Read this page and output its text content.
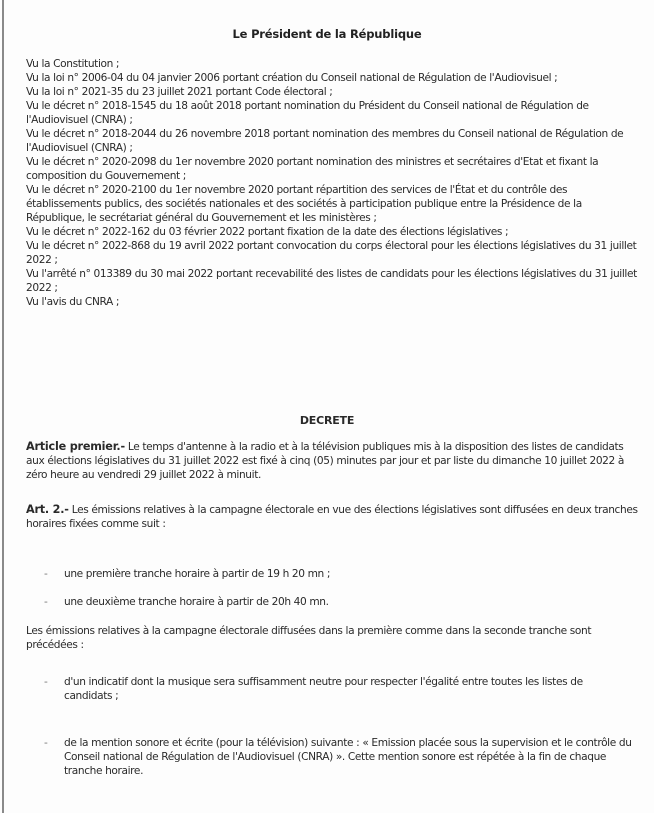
Le Président de la République

Vu la Constitution ;

Vu la loi n° 2006-04 du 04 janvier 2006 portant création du Conseil national de Régulation de l'Audiovisuel ;

Vu la loi n° 2021-35 du 23 juillet 2021 portant Code électoral ;

Vu le décret n° 2018-1545 du 18 août 2018 portant nomination du Président du Conseil national de Régulation de l'Audiovisuel (CNRA) ;

Vu le décret n° 2018-2044 du 26 novembre 2018 portant nomination des membres du Conseil national de Régulation de l'Audiovisuel (CNRA) ;

Vu le décret n° 2020-2098 du 1er novembre 2020 portant nomination des ministres et secrétaires d'Etat et fixant la composition du Gouvernement ;

Vu le décret n° 2020-2100 du 1er novembre 2020 portant répartition des services de l'État et du contrôle des établissements publics, des sociétés nationales et des sociétés à participation publique entre la Présidence de la République, le secrétariat général du Gouvernement et les ministères ;

Vu le décret n° 2022-162 du 03 février 2022 portant fixation de la date des élections législatives ;

Vu le décret n° 2022-868 du 19 avril 2022 portant convocation du corps électoral pour les élections législatives du 31 juillet 2022 ;

Vu l'arrêté n° 013389 du 30 mai 2022 portant recevabilité des listes de candidats pour les élections législatives du 31 juillet 2022 ;

Vu l'avis du CNRA ;

DECRETE
Article premier.- Le temps d'antenne à la radio et à la télévision publiques mis à la disposition des listes de candidats aux élections législatives du 31 juillet 2022 est fixé à cinq (05) minutes par jour et par liste du dimanche 10 juillet 2022 à zéro heure au vendredi 29 juillet 2022 à minuit.
Art. 2.- Les émissions relatives à la campagne électorale en vue des élections législatives sont diffusées en deux tranches horaires fixées comme suit :
- une première tranche horaire à partir de 19 h 20 mn ;
- une deuxième tranche horaire à partir de 20h 40 mn.
Les émissions relatives à la campagne électorale diffusées dans la première comme dans la seconde tranche sont précédées :
- d'un indicatif dont la musique sera suffisamment neutre pour respecter l'égalité entre toutes les listes de candidats ;
- de la mention sonore et écrite (pour la télévision) suivante : « Emission placée sous la supervision et le contrôle du Conseil national de Régulation de l'Audiovisuel (CNRA) ». Cette mention sonore est répétée à la fin de chaque tranche horaire.
